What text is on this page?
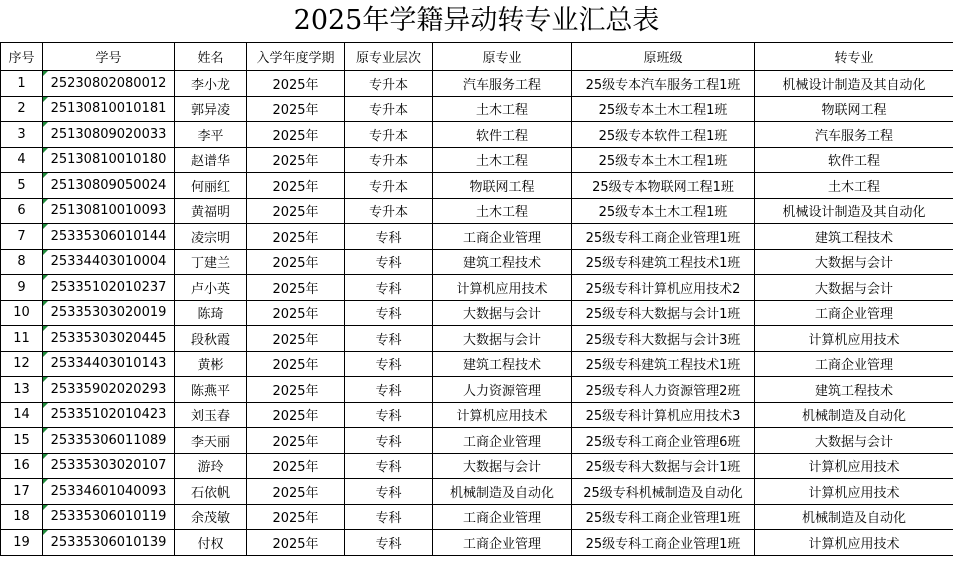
2025年学籍异动转专业汇总表
序号	学号	姓名	入学年度学期	原专业层次	原专业	原班级	转专业
1	25230802080012	李小龙	2025年	专升本	汽车服务工程	25级专本汽车服务工程1班	机械设计制造及其自动化
2	25130810010181	郭异凌	2025年	专升本	土木工程	25级专本土木工程1班	物联网工程
3	25130809020033	李平	2025年	专升本	软件工程	25级专本软件工程1班	汽车服务工程
4	25130810010180	赵谱华	2025年	专升本	土木工程	25级专本土木工程1班	软件工程
5	25130809050024	何丽红	2025年	专升本	物联网工程	25级专本物联网工程1班	土木工程
6	25130810010093	黄福明	2025年	专升本	土木工程	25级专本土木工程1班	机械设计制造及其自动化
7	25335306010144	凌宗明	2025年	专科	工商企业管理	25级专科工商企业管理1班	建筑工程技术
8	25334403010004	丁建兰	2025年	专科	建筑工程技术	25级专科建筑工程技术1班	大数据与会计
9	25335102010237	卢小英	2025年	专科	计算机应用技术	25级专科计算机应用技术2	大数据与会计
10	25335303020019	陈琦	2025年	专科	大数据与会计	25级专科大数据与会计1班	工商企业管理
11	25335303020445	段秋霞	2025年	专科	大数据与会计	25级专科大数据与会计3班	计算机应用技术
12	25334403010143	黄彬	2025年	专科	建筑工程技术	25级专科建筑工程技术1班	工商企业管理
13	25335902020293	陈燕平	2025年	专科	人力资源管理	25级专科人力资源管理2班	建筑工程技术
14	25335102010423	刘玉春	2025年	专科	计算机应用技术	25级专科计算机应用技术3	机械制造及自动化
15	25335306011089	李天丽	2025年	专科	工商企业管理	25级专科工商企业管理6班	大数据与会计
16	25335303020107	游玲	2025年	专科	大数据与会计	25级专科大数据与会计1班	计算机应用技术
17	25334601040093	石依帆	2025年	专科	机械制造及自动化	25级专科机械制造及自动化	计算机应用技术
18	25335306010119	余茂敏	2025年	专科	工商企业管理	25级专科工商企业管理1班	机械制造及自动化
19	25335306010139	付权	2025年	专科	工商企业管理	25级专科工商企业管理1班	计算机应用技术
